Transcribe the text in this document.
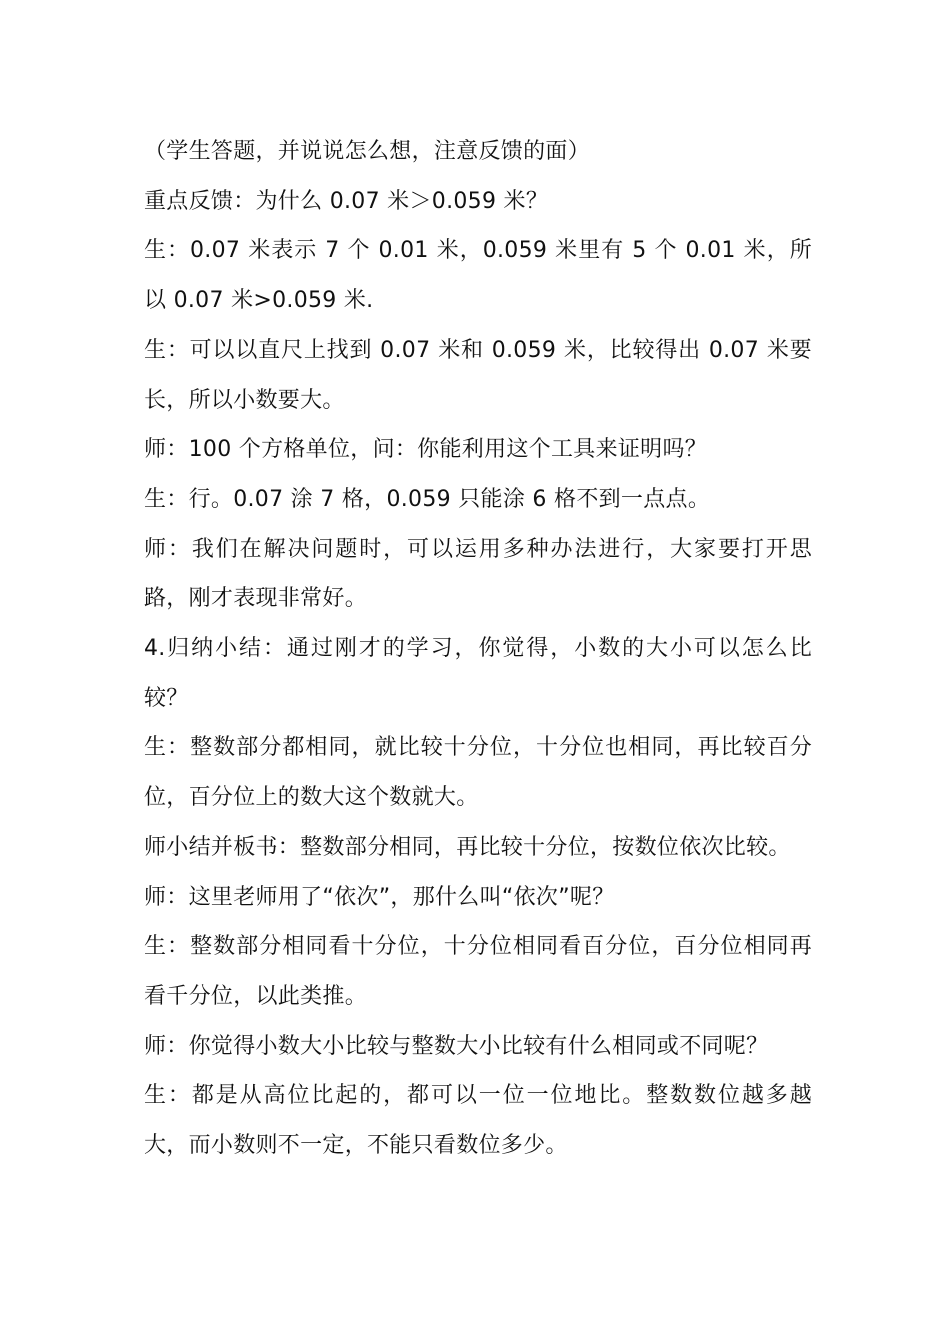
（学生答题，并说说怎么想，注意反馈的面）

重点反馈：为什么 0.07 米＞0.059 米？

生：0.07 米表示 7 个 0.01 米，0.059 米里有 5 个 0.01 米，所以 0.07 米>0.059 米.

生：可以以直尺上找到 0.07 米和 0.059 米，比较得出 0.07 米要长，所以小数要大。

师：100 个方格单位，问：你能利用这个工具来证明吗？

生：行。0.07 涂 7 格，0.059 只能涂 6 格不到一点点。

师：我们在解决问题时，可以运用多种办法进行，大家要打开思路，刚才表现非常好。

4.归纳小结：通过刚才的学习，你觉得，小数的大小可以怎么比较？

生：整数部分都相同，就比较十分位，十分位也相同，再比较百分位，百分位上的数大这个数就大。

师小结并板书：整数部分相同，再比较十分位，按数位依次比较。

师：这里老师用了“依次”，那什么叫“依次”呢？

生：整数部分相同看十分位，十分位相同看百分位，百分位相同再看千分位，以此类推。

师：你觉得小数大小比较与整数大小比较有什么相同或不同呢？

生：都是从高位比起的，都可以一位一位地比。整数数位越多越大，而小数则不一定，不能只看数位多少。
